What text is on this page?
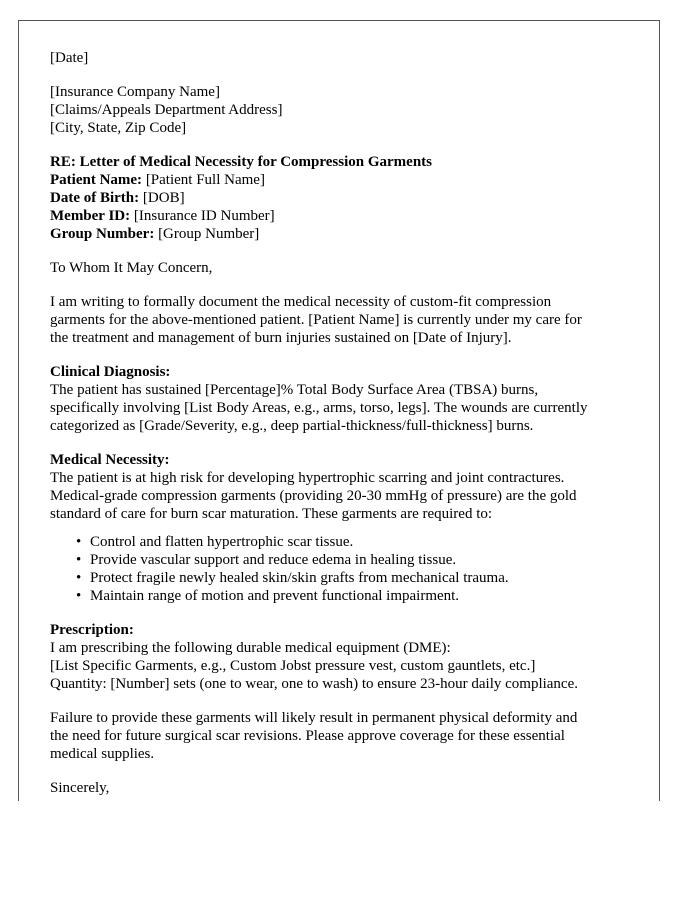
[Date]
[Insurance Company Name]
[Claims/Appeals Department Address]
[City, State, Zip Code]
RE: Letter of Medical Necessity for Compression Garments
Patient Name: [Patient Full Name]
Date of Birth: [DOB]
Member ID: [Insurance ID Number]
Group Number: [Group Number]
To Whom It May Concern,
I am writing to formally document the medical necessity of custom-fit compression
garments for the above-mentioned patient. [Patient Name] is currently under my care for
the treatment and management of burn injuries sustained on [Date of Injury].
Clinical Diagnosis:
The patient has sustained [Percentage]% Total Body Surface Area (TBSA) burns,
specifically involving [List Body Areas, e.g., arms, torso, legs]. The wounds are currently
categorized as [Grade/Severity, e.g., deep partial-thickness/full-thickness] burns.
Medical Necessity:
The patient is at high risk for developing hypertrophic scarring and joint contractures.
Medical-grade compression garments (providing 20-30 mmHg of pressure) are the gold
standard of care for burn scar maturation. These garments are required to:
• Control and flatten hypertrophic scar tissue.
• Provide vascular support and reduce edema in healing tissue.
• Protect fragile newly healed skin/skin grafts from mechanical trauma.
• Maintain range of motion and prevent functional impairment.
Prescription:
I am prescribing the following durable medical equipment (DME):
[List Specific Garments, e.g., Custom Jobst pressure vest, custom gauntlets, etc.]
Quantity: [Number] sets (one to wear, one to wash) to ensure 23-hour daily compliance.
Failure to provide these garments will likely result in permanent physical deformity and
the need for future surgical scar revisions. Please approve coverage for these essential
medical supplies.
Sincerely,
